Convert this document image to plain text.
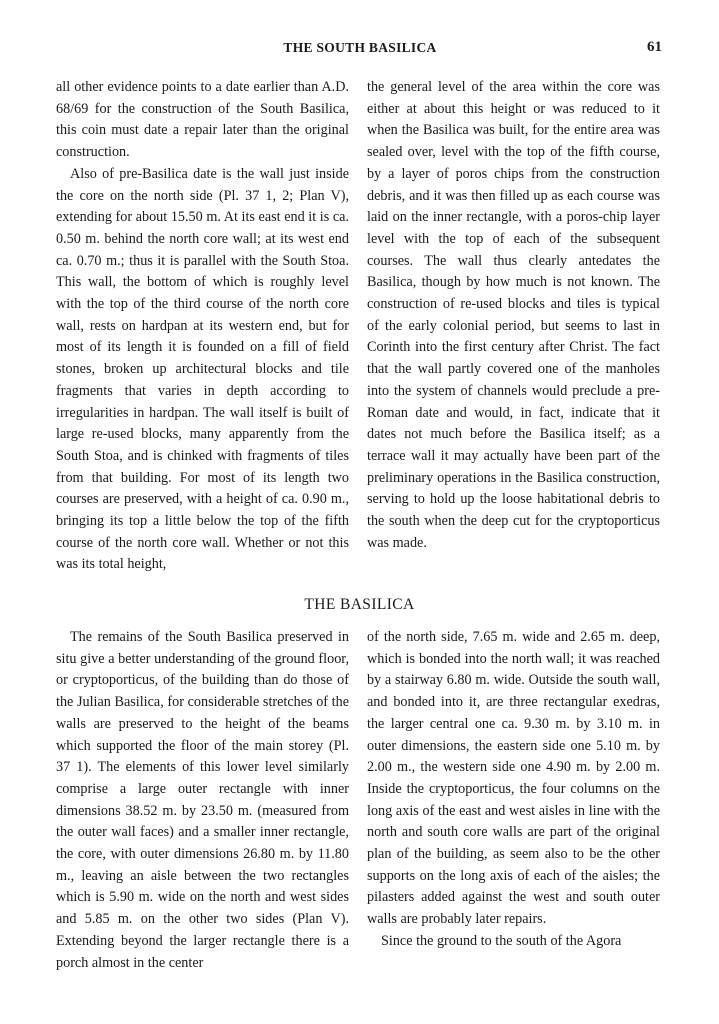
THE SOUTH BASILICA	61

all other evidence points to a date earlier than A.D. 68/69 for the construction of the South Basilica, this coin must date a repair later than the original construction.

Also of pre-Basilica date is the wall just inside the core on the north side (Pl. 37 1, 2; Plan V), extending for about 15.50 m. At its east end it is ca. 0.50 m. behind the north core wall; at its west end ca. 0.70 m.; thus it is parallel with the South Stoa. This wall, the bottom of which is roughly level with the top of the third course of the north core wall, rests on hardpan at its western end, but for most of its length it is founded on a fill of field stones, broken up architectural blocks and tile fragments that varies in depth according to irregularities in hardpan. The wall itself is built of large re-used blocks, many apparently from the South Stoa, and is chinked with fragments of tiles from that building. For most of its length two courses are preserved, with a height of ca. 0.90 m., bringing its top a little below the top of the fifth course of the north core wall. Whether or not this was its total height,

the general level of the area within the core was either at about this height or was reduced to it when the Basilica was built, for the entire area was sealed over, level with the top of the fifth course, by a layer of poros chips from the construction debris, and it was then filled up as each course was laid on the inner rectangle, with a poros-chip layer level with the top of each of the subsequent courses. The wall thus clearly antedates the Basilica, though by how much is not known. The construction of re-used blocks and tiles is typical of the early colonial period, but seems to last in Corinth into the first century after Christ. The fact that the wall partly covered one of the manholes into the system of channels would preclude a pre-Roman date and would, in fact, indicate that it dates not much before the Basilica itself; as a terrace wall it may actually have been part of the preliminary operations in the Basilica construction, serving to hold up the loose habitational debris to the south when the deep cut for the cryptoporticus was made.

THE BASILICA

The remains of the South Basilica preserved in situ give a better understanding of the ground floor, or cryptoporticus, of the building than do those of the Julian Basilica, for considerable stretches of the walls are preserved to the height of the beams which supported the floor of the main storey (Pl. 37 1). The elements of this lower level similarly comprise a large outer rectangle with inner dimensions 38.52 m. by 23.50 m. (measured from the outer wall faces) and a smaller inner rectangle, the core, with outer dimensions 26.80 m. by 11.80 m., leaving an aisle between the two rectangles which is 5.90 m. wide on the north and west sides and 5.85 m. on the other two sides (Plan V). Extending beyond the larger rectangle there is a porch almost in the center

of the north side, 7.65 m. wide and 2.65 m. deep, which is bonded into the north wall; it was reached by a stairway 6.80 m. wide. Outside the south wall, and bonded into it, are three rectangular exedras, the larger central one ca. 9.30 m. by 3.10 m. in outer dimensions, the eastern side one 5.10 m. by 2.00 m., the western side one 4.90 m. by 2.00 m. Inside the cryptoporticus, the four columns on the long axis of the east and west aisles in line with the north and south core walls are part of the original plan of the building, as seem also to be the other supports on the long axis of each of the aisles; the pilasters added against the west and south outer walls are probably later repairs.

Since the ground to the south of the Agora
